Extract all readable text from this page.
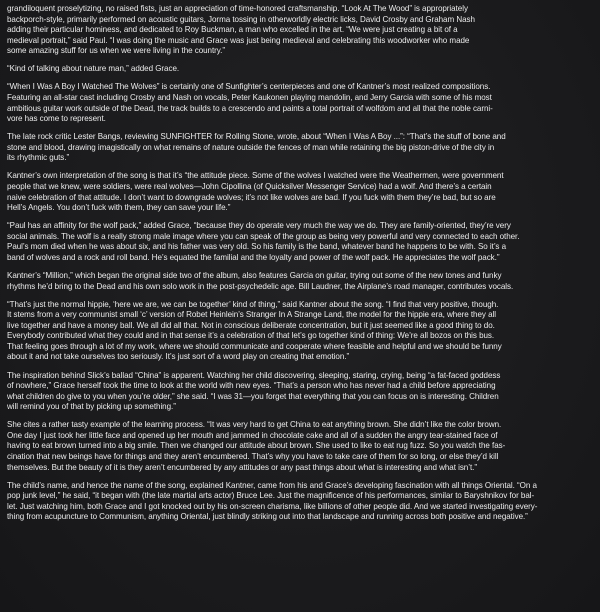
grandiloquent proselytizing, no raised fists, just an appreciation of time-honored craftsmanship. “Look At The Wood” is appropriately
backporch-style, primarily performed on acoustic guitars, Jorma tossing in otherworldly electric licks, David Crosby and Graham Nash
adding their particular hominess, and dedicated to Roy Buckman, a man who excelled in the art. “We were just creating a bit of a
medieval portrait,” said Paul. “I was doing the music and Grace was just being medieval and celebrating this woodworker who made
some amazing stuff for us when we were living in the country.”

“Kind of talking about nature man,” added Grace.

“When I Was A Boy I Watched The Wolves” is certainly one of Sunfighter’s centerpieces and one of Kantner’s most realized compositions.
Featuring an all-star cast including Crosby and Nash on vocals, Peter Kaukonen playing mandolin, and Jerry Garcia with some of his most
ambitious guitar work outside of the Dead, the track builds to a crescendo and paints a total portrait of wolfdom and all that the noble carni-
vore has come to represent.

The late rock critic Lester Bangs, reviewing SUNFIGHTER for Rolling Stone, wrote, about “When I Was A Boy ...”: “That’s the stuff of bone and
stone and blood, drawing imagistically on what remains of nature outside the fences of man while retaining the big piston-drive of the city in
its rhythmic guts.”

Kantner’s own interpretation of the song is that it’s “the attitude piece. Some of the wolves I watched were the Weathermen, were government
people that we knew, were soldiers, were real wolves—John Cipollina (of Quicksilver Messenger Service) had a wolf. And there’s a certain
naive celebration of that attitude. I don’t want to downgrade wolves; it’s not like wolves are bad. If you fuck with them they’re bad, but so are
Hell’s Angels. You don’t fuck with them, they can save your life.”

“Paul has an affinity for the wolf pack,” added Grace, “because they do operate very much the way we do. They are family-oriented, they’re very
social animals. The wolf is a really strong male image where you can speak of the group as being very powerful and very connected to each other.
Paul’s mom died when he was about six, and his father was very old. So his family is the band, whatever band he happens to be with. So it’s a
band of wolves and a rock and roll band. He’s equated the familial and the loyalty and power of the wolf pack. He appreciates the wolf pack.”

Kantner’s “Million,” which began the original side two of the album, also features Garcia on guitar, trying out some of the new tones and funky
rhythms he’d bring to the Dead and his own solo work in the post-psychedelic age. Bill Laudner, the Airplane’s road manager, contributes vocals.

“That’s just the normal hippie, ‘here we are, we can be together’ kind of thing,” said Kantner about the song. “I find that very positive, though.
It stems from a very communist small ‘c’ version of Robet Heinlein’s Stranger In A Strange Land, the model for the hippie era, where they all
live together and have a money ball. We all did all that. Not in conscious deliberate concentration, but it just seemed like a good thing to do.
Everybody contributed what they could and in that sense it’s a celebration of that let’s go together kind of thing: We’re all bozos on this bus.
That feeling goes through a lot of my work, where we should communicate and cooperate where feasible and helpful and we should be funny
about it and not take ourselves too seriously. It’s just sort of a word play on creating that emotion.”

The inspiration behind Slick’s ballad “China” is apparent. Watching her child discovering, sleeping, staring, crying, being “a fat-faced goddess
of nowhere,” Grace herself took the time to look at the world with new eyes. “That’s a person who has never had a child before appreciating
what children do give to you when you’re older,” she said. “I was 31—you forget that everything that you can focus on is interesting. Children
will remind you of that by picking up something.”

She cites a rather tasty example of the learning process. “It was very hard to get China to eat anything brown. She didn’t like the color brown.
One day I just took her little face and opened up her mouth and jammed in chocolate cake and all of a sudden the angry tear-stained face of
having to eat brown turned into a big smile. Then we changed our attitude about brown. She used to like to eat rug fuzz. So you watch the fas-
cination that new beings have for things and they aren’t encumbered. That’s why you have to take care of them for so long, or else they’d kill
themselves. But the beauty of it is they aren’t encumbered by any attitudes or any past things about what is interesting and what isn’t.”

The child’s name, and hence the name of the song, explained Kantner, came from his and Grace’s developing fascination with all things Oriental. “On a
pop junk level,” he said, “it began with (the late martial arts actor) Bruce Lee. Just the magnificence of his performances, similar to Baryshnikov for bal-
let. Just watching him, both Grace and I got knocked out by his on-screen charisma, like billions of other people did. And we started investigating every-
thing from acupuncture to Communism, anything Oriental, just blindly striking out into that landscape and running across both positive and negative.”
